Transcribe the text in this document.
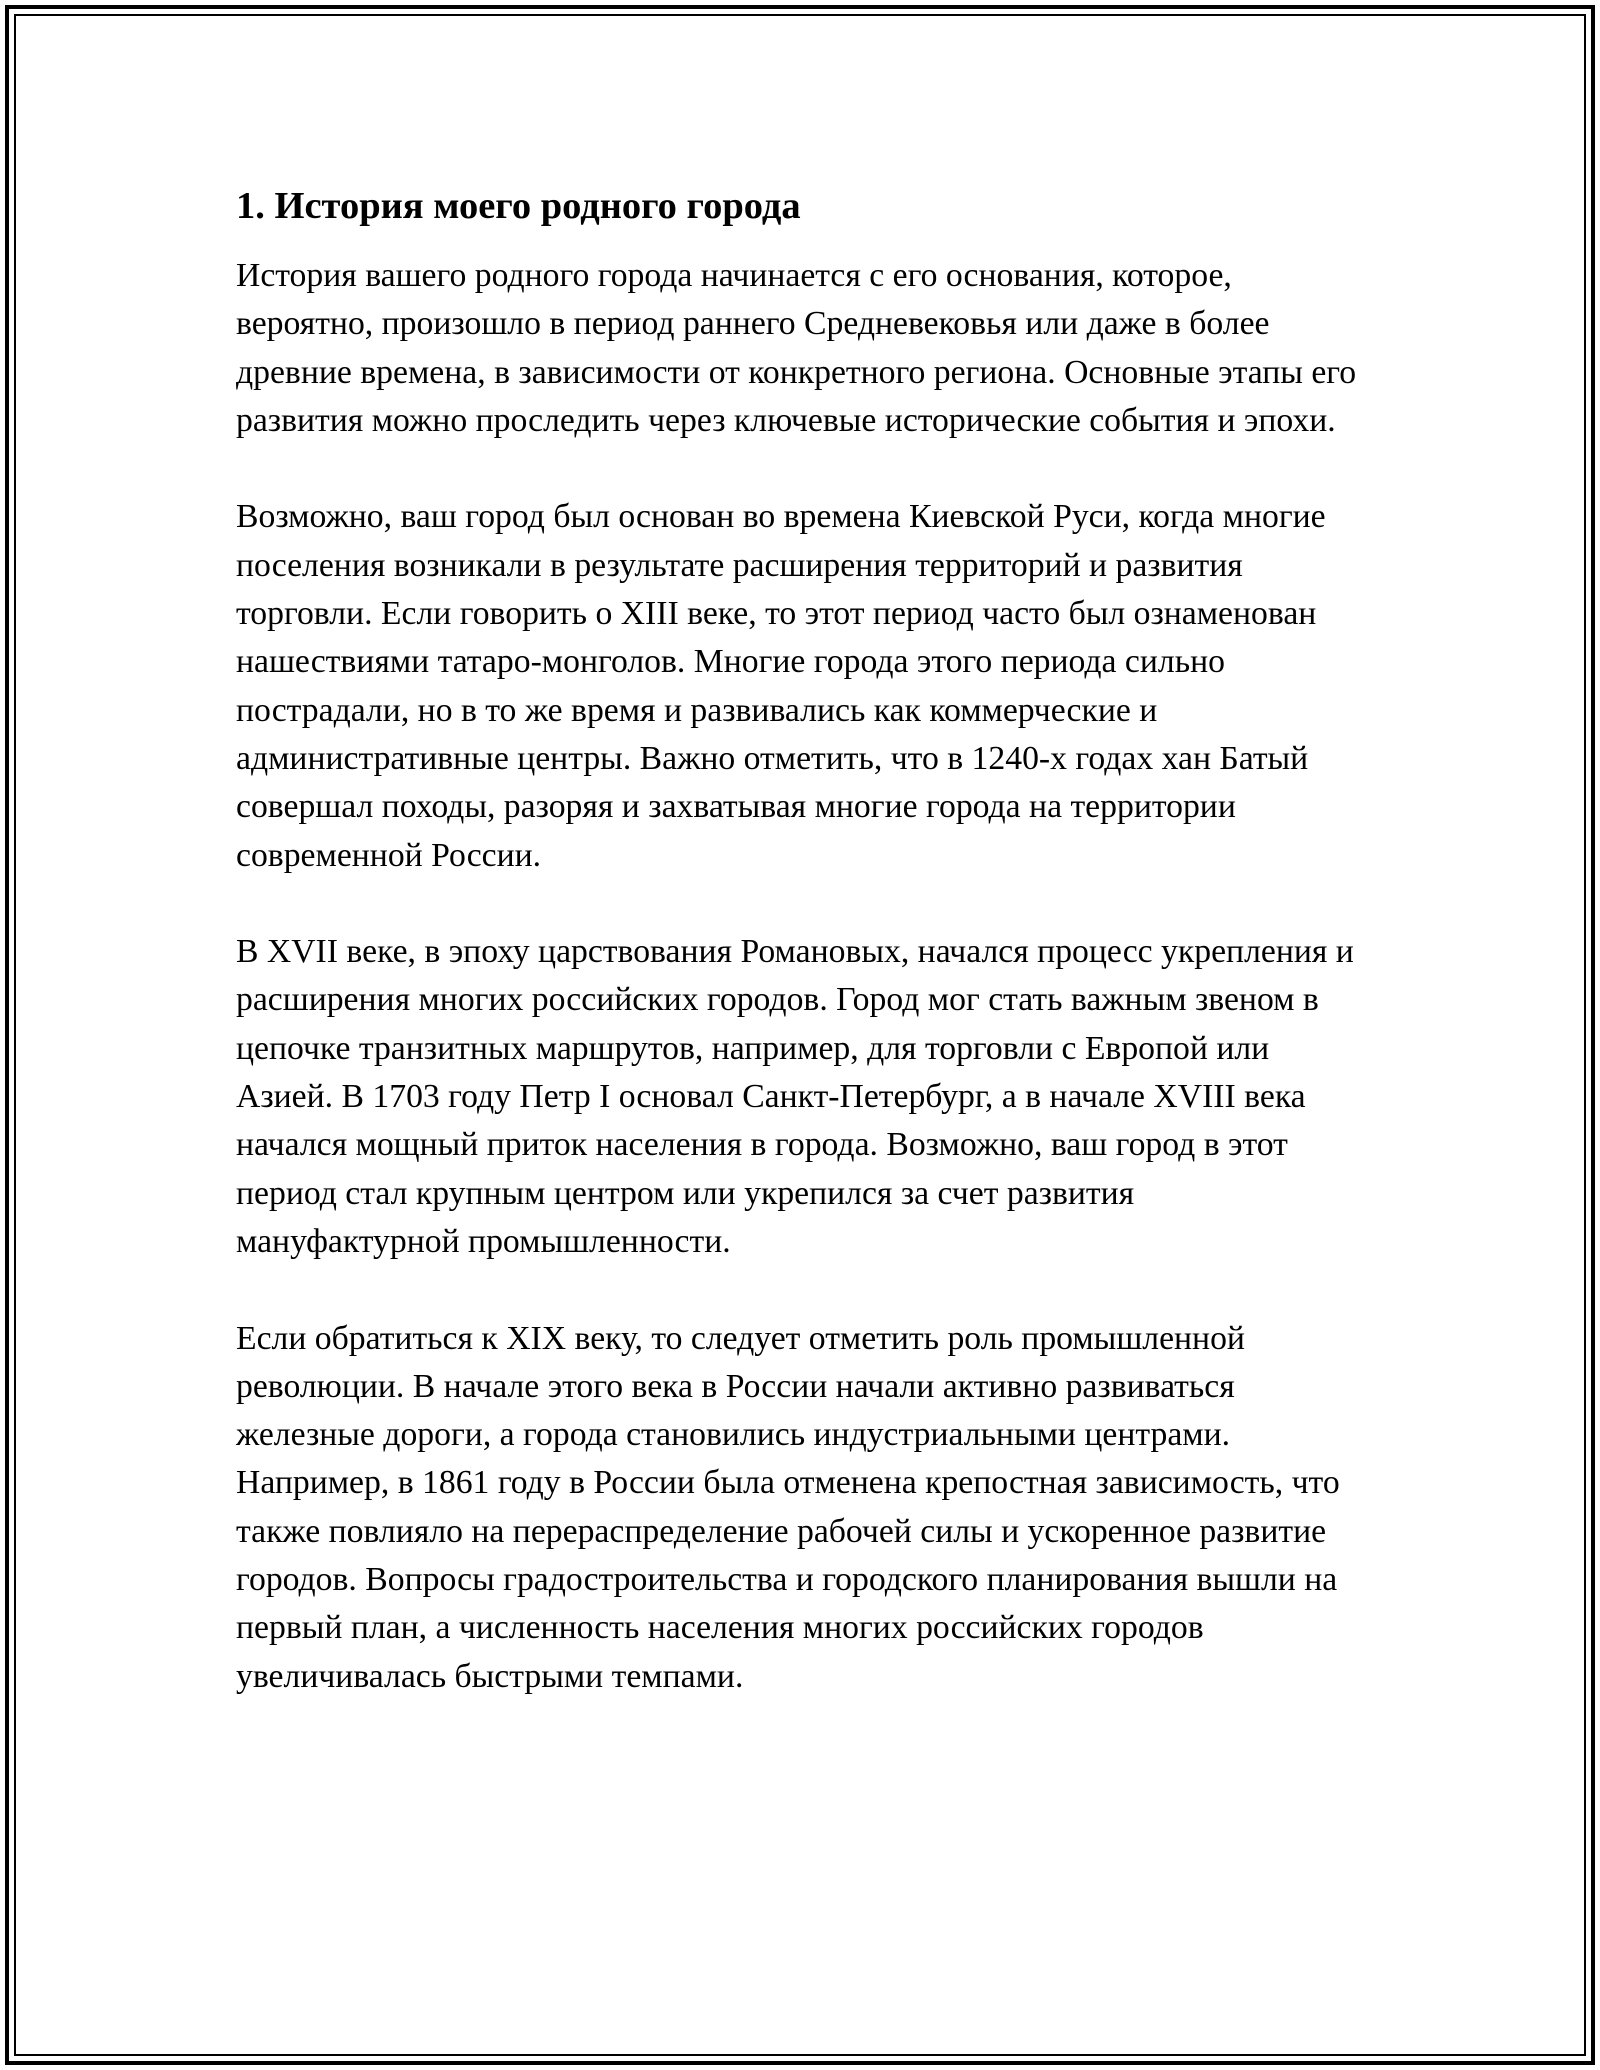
1. История моего родного города

История вашего родного города начинается с его основания, которое, вероятно, произошло в период раннего Средневековья или даже в более древние времена, в зависимости от конкретного региона. Основные этапы его развития можно проследить через ключевые исторические события и эпохи.

Возможно, ваш город был основан во времена Киевской Руси, когда многие поселения возникали в результате расширения территорий и развития торговли. Если говорить о XIII веке, то этот период часто был ознаменован нашествиями татаро-монголов. Многие города этого периода сильно пострадали, но в то же время и развивались как коммерческие и административные центры. Важно отметить, что в 1240-х годах хан Батый совершал походы, разоряя и захватывая многие города на территории современной России.

В XVII веке, в эпоху царствования Романовых, начался процесс укрепления и расширения многих российских городов. Город мог стать важным звеном в цепочке транзитных маршрутов, например, для торговли с Европой или Азией. В 1703 году Петр I основал Санкт-Петербург, а в начале XVIII века начался мощный приток населения в города. Возможно, ваш город в этот период стал крупным центром или укрепился за счет развития мануфактурной промышленности.

Если обратиться к XIX веку, то следует отметить роль промышленной революции. В начале этого века в России начали активно развиваться железные дороги, а города становились индустриальными центрами. Например, в 1861 году в России была отменена крепостная зависимость, что также повлияло на перераспределение рабочей силы и ускоренное развитие городов. Вопросы градостроительства и городского планирования вышли на первый план, а численность населения многих российских городов увеличивалась быстрыми темпами.
